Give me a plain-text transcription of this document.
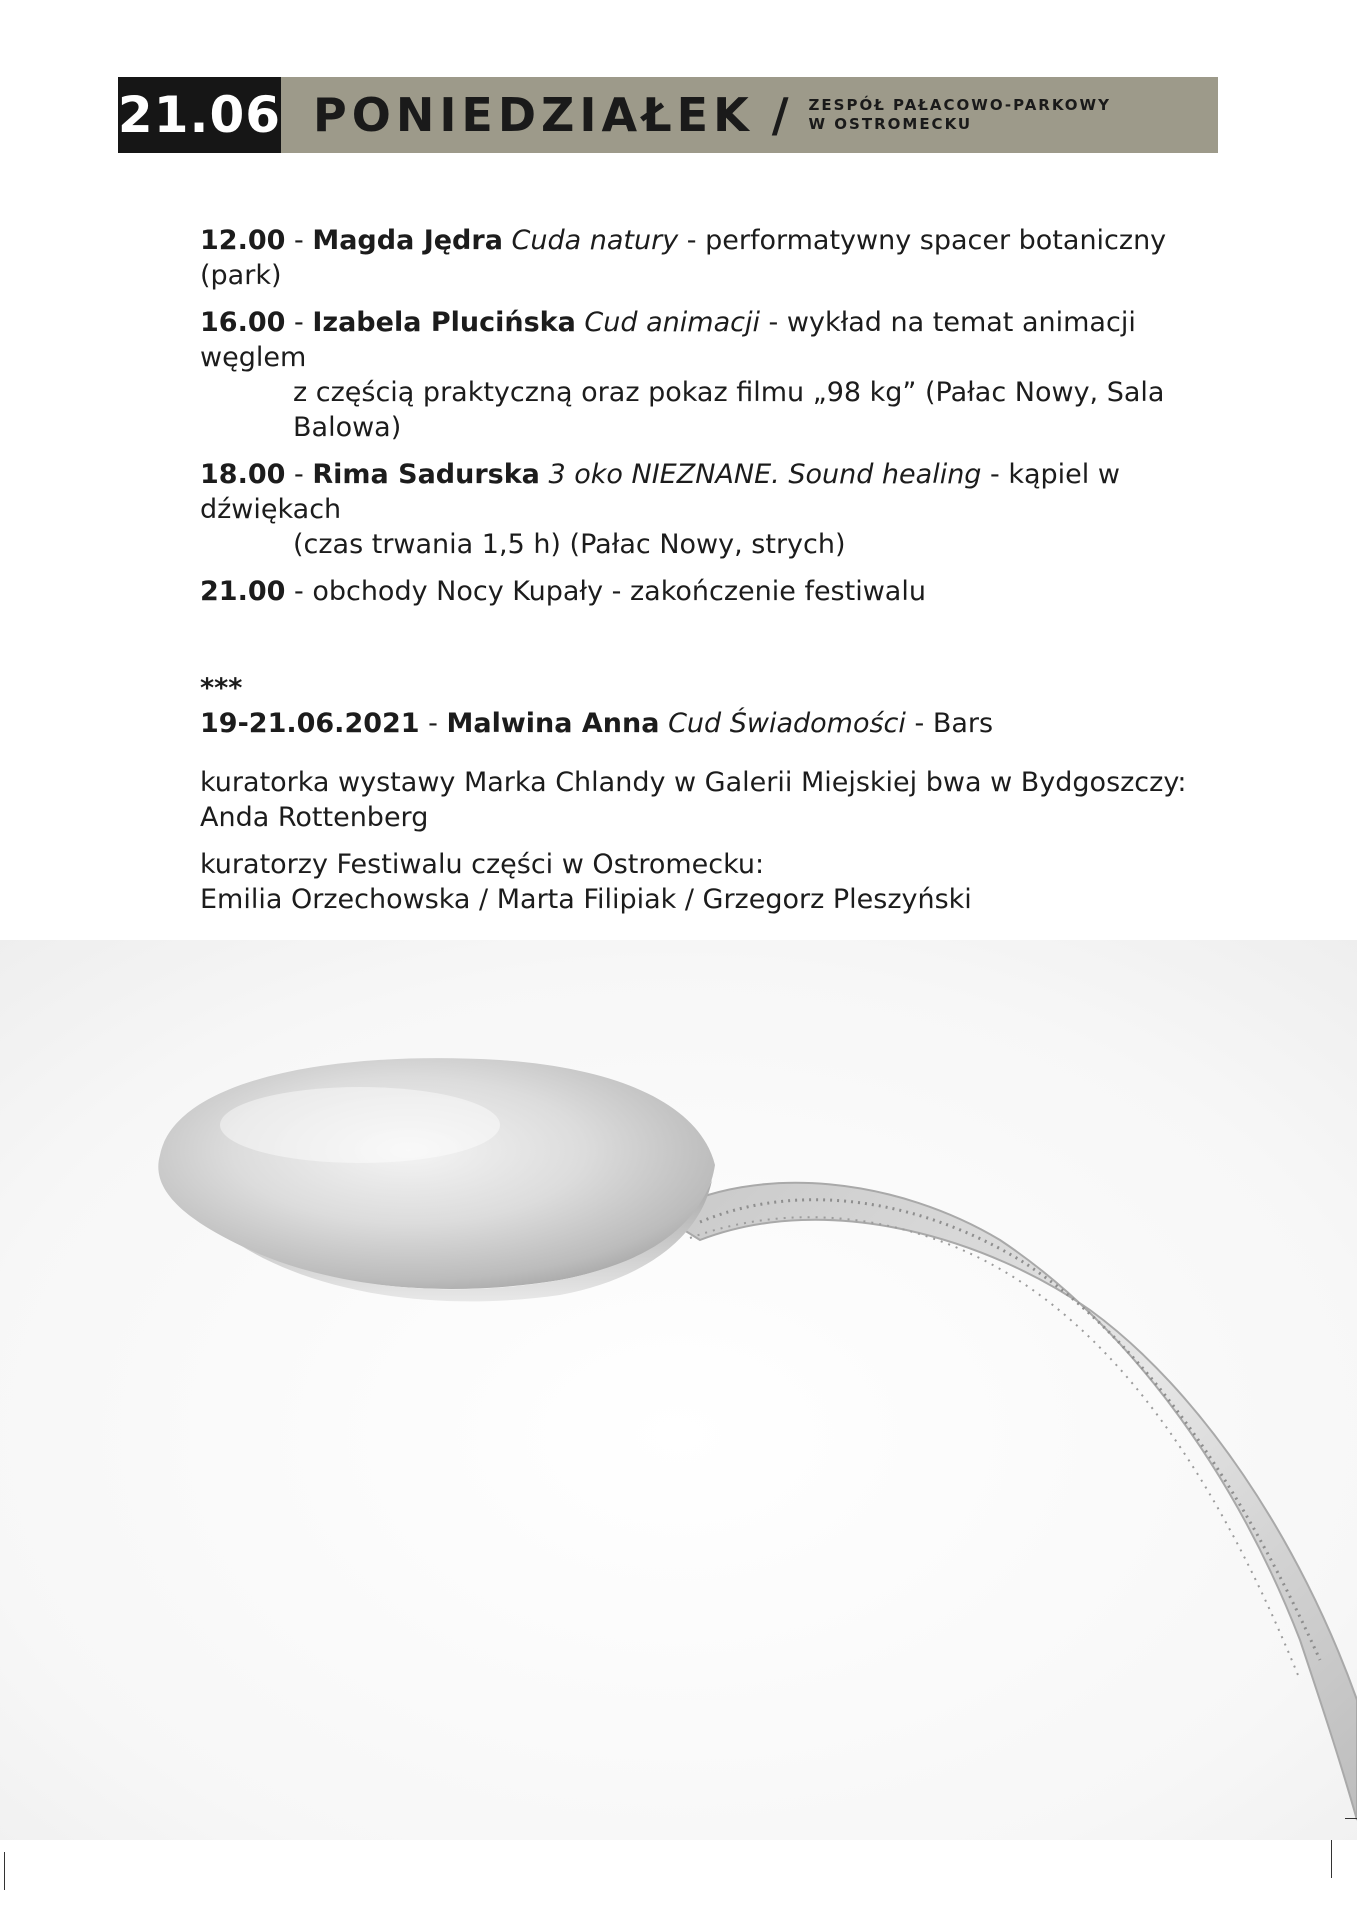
21.06 PONIEDZIAŁEK / ZESPÓŁ PAŁACOWO-PARKOWY
W OSTROMECKU
12.00 - Magda Jędra Cuda natury - performatywny spacer botaniczny (park)
16.00 - Izabela Plucińska Cud animacji - wykład na temat animacji węglem
z częścią praktyczną oraz pokaz filmu „98 kg” (Pałac Nowy, Sala Balowa)
18.00 - Rima Sadurska 3 oko NIEZNANE. Sound healing - kąpiel w dźwiękach
(czas trwania 1,5 h) (Pałac Nowy, strych)
21.00 - obchody Nocy Kupały - zakończenie festiwalu
***
19-21.06.2021 - Malwina Anna Cud Świadomości - Bars
kuratorka wystawy Marka Chlandy w Galerii Miejskiej bwa w Bydgoszczy:
Anda Rottenberg
kuratorzy Festiwalu części w Ostromecku:
Emilia Orzechowska / Marta Filipiak / Grzegorz Pleszyński
